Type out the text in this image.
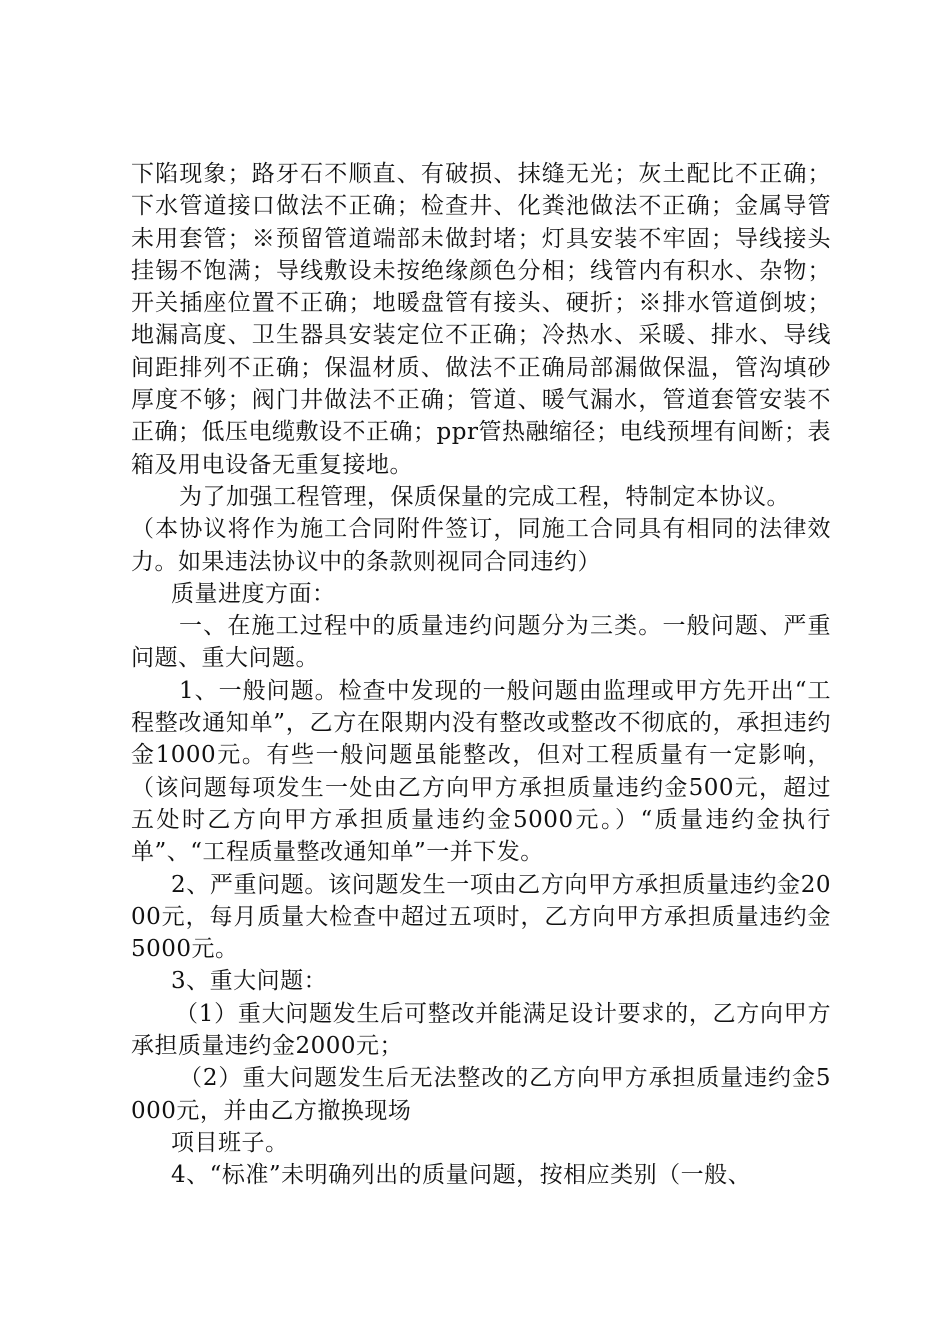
下陷现象；路牙石不顺直、有破损、抹缝无光；灰土配比不正确；下水管道接口做法不正确；检查井、化粪池做法不正确；金属导管未用套管；※预留管道端部未做封堵；灯具安装不牢固；导线接头挂锡不饱满；导线敷设未按绝缘颜色分相；线管内有积水、杂物；开关插座位置不正确；地暖盘管有接头、硬折；※排水管道倒坡；地漏高度、卫生器具安装定位不正确；冷热水、采暖、排水、导线间距排列不正确；保温材质、做法不正确局部漏做保温，管沟填砂厚度不够；阀门井做法不正确；管道、暖气漏水，管道套管安装不正确；低压电缆敷设不正确；ppr管热融缩径；电线预埋有间断；表箱及用电设备无重复接地。

为了加强工程管理，保质保量的完成工程，特制定本协议。

（本协议将作为施工合同附件签订，同施工合同具有相同的法律效力。如果违法协议中的条款则视同合同违约）

质量进度方面：

一、在施工过程中的质量违约问题分为三类。一般问题、严重问题、重大问题。

1、一般问题。检查中发现的一般问题由监理或甲方先开出“工程整改通知单”，乙方在限期内没有整改或整改不彻底的，承担违约金1000元。有些一般问题虽能整改，但对工程质量有一定影响，（该问题每项发生一处由乙方向甲方承担质量违约金500元，超过五处时乙方向甲方承担质量违约金5000元。）“质量违约金执行单”、“工程质量整改通知单”一并下发。

2、严重问题。该问题发生一项由乙方向甲方承担质量违约金2000元，每月质量大检查中超过五项时，乙方向甲方承担质量违约金5000元。

3、重大问题：

（1）重大问题发生后可整改并能满足设计要求的，乙方向甲方承担质量违约金2000元；

（2）重大问题发生后无法整改的乙方向甲方承担质量违约金5000元，并由乙方撤换现场

项目班子。

4、“标准”未明确列出的质量问题，按相应类别（一般、
